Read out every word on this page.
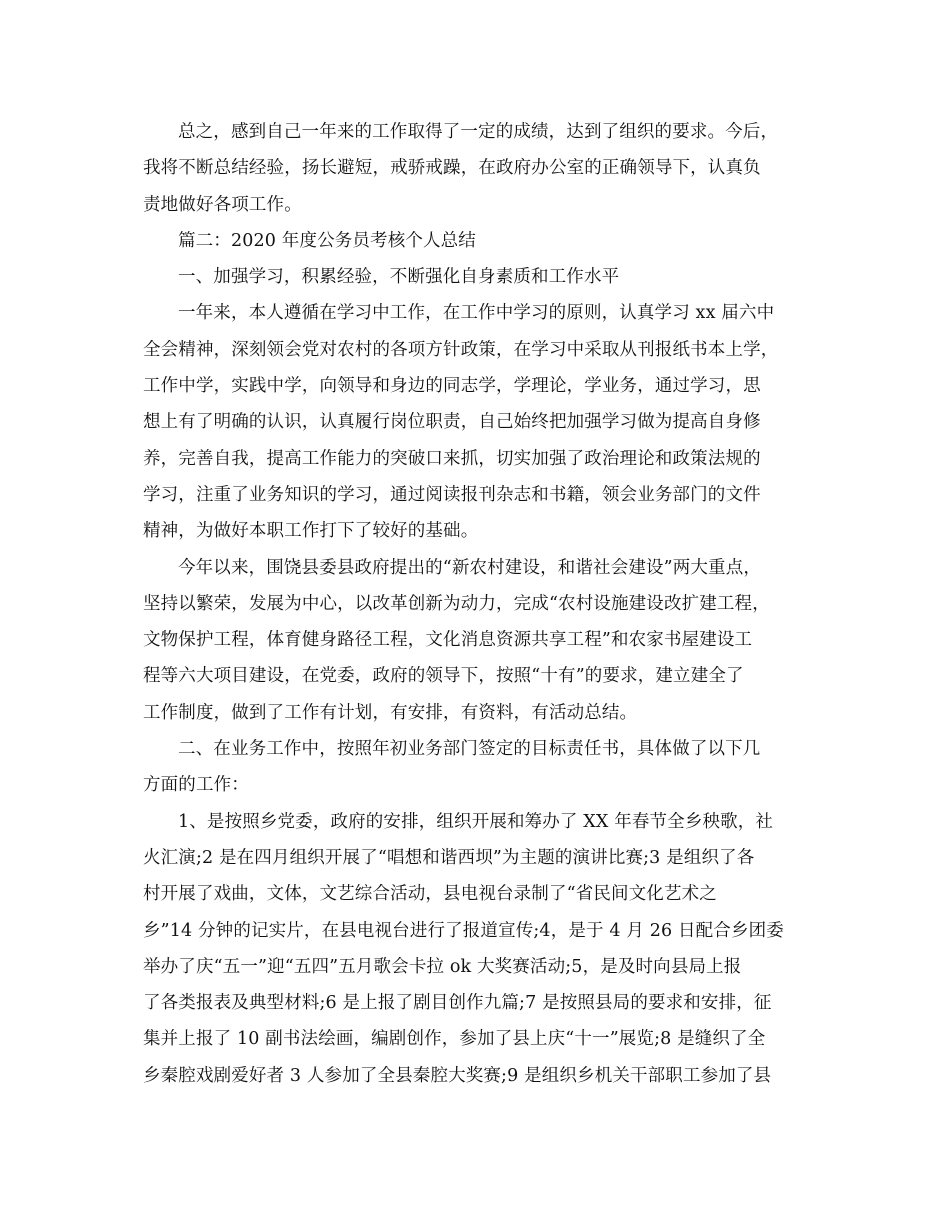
总之，感到自己一年来的工作取得了一定的成绩，达到了组织的要求。今后，
我将不断总结经验，扬长避短，戒骄戒躁，在政府办公室的正确领导下，认真负
责地做好各项工作。
篇二：2020 年度公务员考核个人总结
一、加强学习，积累经验，不断强化自身素质和工作水平
一年来，本人遵循在学习中工作，在工作中学习的原则，认真学习 xx 届六中
全会精神，深刻领会党对农村的各项方针政策，在学习中采取从刊报纸书本上学，
工作中学，实践中学，向领导和身边的同志学，学理论，学业务，通过学习，思
想上有了明确的认识，认真履行岗位职责，自己始终把加强学习做为提高自身修
养，完善自我，提高工作能力的突破口来抓，切实加强了政治理论和政策法规的
学习，注重了业务知识的学习，通过阅读报刊杂志和书籍，领会业务部门的文件
精神，为做好本职工作打下了较好的基础。
今年以来，围饶县委县政府提出的“新农村建设，和谐社会建设”两大重点，
坚持以繁荣，发展为中心，以改革创新为动力，完成“农村设施建设改扩建工程，
文物保护工程，体育健身路径工程，文化消息资源共享工程”和农家书屋建设工
程等六大项目建设，在党委，政府的领导下，按照“十有”的要求，建立建全了
工作制度，做到了工作有计划，有安排，有资料，有活动总结。
二、在业务工作中，按照年初业务部门签定的目标责任书，具体做了以下几
方面的工作：
1、是按照乡党委，政府的安排，组织开展和筹办了 XX 年春节全乡秧歌，社
火汇演;2 是在四月组织开展了“唱想和谐西坝”为主题的演讲比赛;3 是组织了各
村开展了戏曲，文体，文艺综合活动，县电视台录制了“省民间文化艺术之
乡”14 分钟的记实片，在县电视台进行了报道宣传;4，是于 4 月 26 日配合乡团委
举办了庆“五一”迎“五四”五月歌会卡拉 ok 大奖赛活动;5，是及时向县局上报
了各类报表及典型材料;6 是上报了剧目创作九篇;7 是按照县局的要求和安排，征
集并上报了 10 副书法绘画，编剧创作，参加了县上庆“十一”展览;8 是缝织了全
乡秦腔戏剧爱好者 3 人参加了全县秦腔大奖赛;9 是组织乡机关干部职工参加了县
